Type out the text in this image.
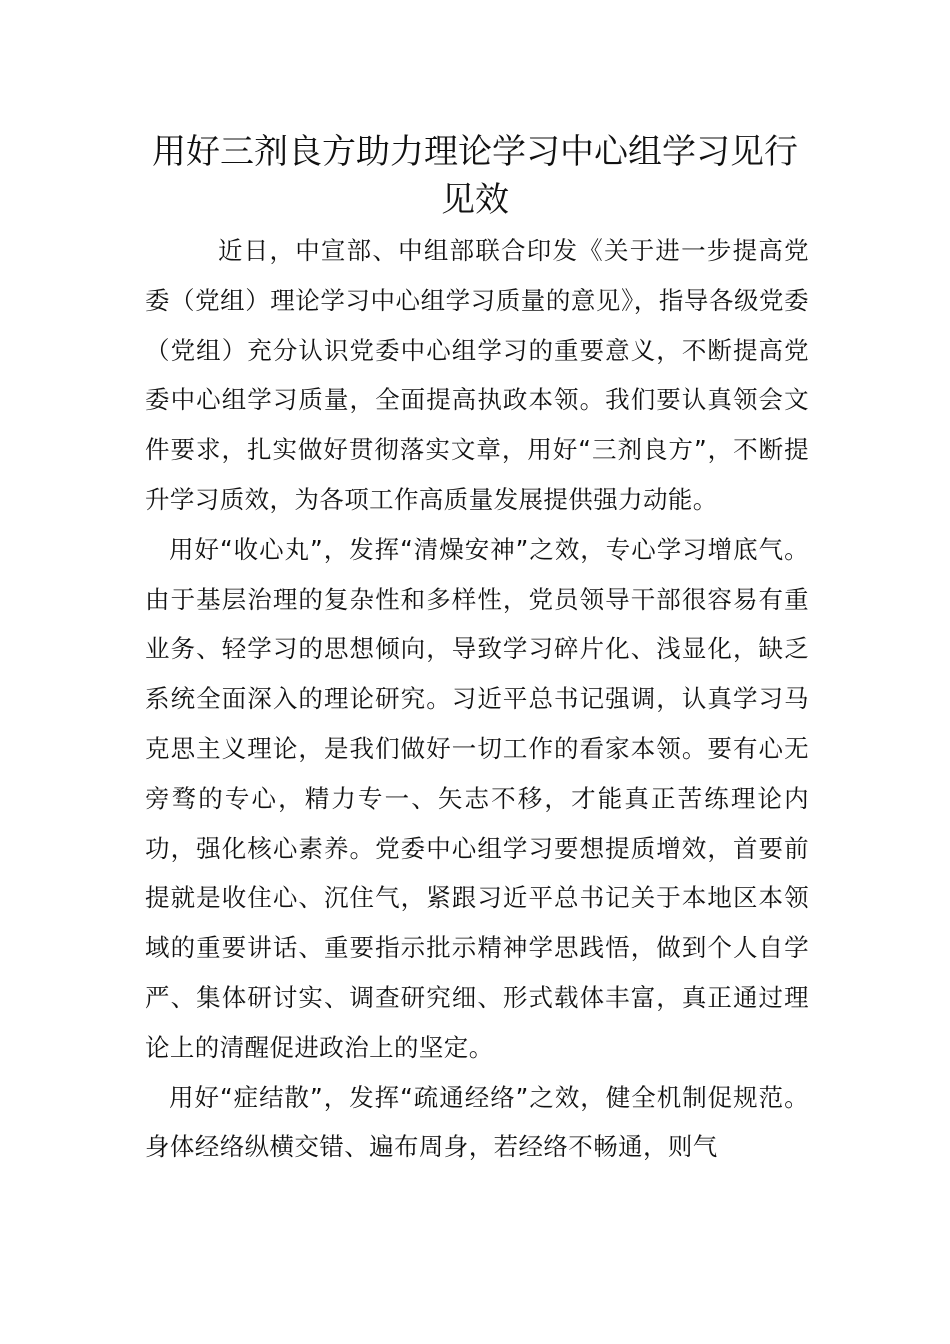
用好三剂良方助力理论学习中心组学习见行见效

近日，中宣部、中组部联合印发《关于进一步提高党委（党组）理论学习中心组学习质量的意见》，指导各级党委（党组）充分认识党委中心组学习的重要意义，不断提高党委中心组学习质量，全面提高执政本领。我们要认真领会文件要求，扎实做好贯彻落实文章，用好“三剂良方”，不断提升学习质效，为各项工作高质量发展提供强力动能。

用好“收心丸”，发挥“清燥安神”之效，专心学习增底气。由于基层治理的复杂性和多样性，党员领导干部很容易有重业务、轻学习的思想倾向，导致学习碎片化、浅显化，缺乏系统全面深入的理论研究。习近平总书记强调，认真学习马克思主义理论，是我们做好一切工作的看家本领。要有心无旁骛的专心，精力专一、矢志不移，才能真正苦练理论内功，强化核心素养。党委中心组学习要想提质增效，首要前提就是收住心、沉住气，紧跟习近平总书记关于本地区本领域的重要讲话、重要指示批示精神学思践悟，做到个人自学严、集体研讨实、调查研究细、形式载体丰富，真正通过理论上的清醒促进政治上的坚定。

用好“症结散”，发挥“疏通经络”之效，健全机制促规范。身体经络纵横交错、遍布周身，若经络不畅通，则气
